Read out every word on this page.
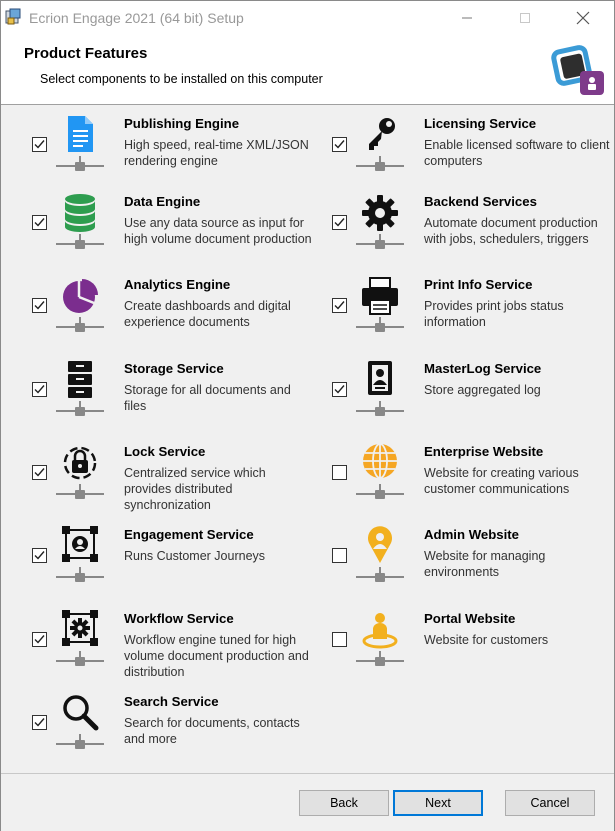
Ecrion Engage 2021 (64 bit) Setup
Product Features
Select components to be installed on this computer
Publishing Engine
High speed, real-time XML/JSON rendering engine
Licensing Service
Enable licensed software to client computers
Data Engine
Use any data source as input for high volume document production
Backend Services
Automate document production with jobs, schedulers, triggers
Analytics Engine
Create dashboards and digital experience documents
Print Info Service
Provides print jobs status information
Storage Service
Storage for all documents and files
MasterLog Service
Store aggregated log
Lock Service
Centralized service which provides distributed synchronization
Enterprise Website
Website for creating various customer communications
Engagement Service
Runs Customer Journeys
Admin Website
Website for managing environments
Workflow Service
Workflow engine tuned for high volume document production and distribution
Portal Website
Website for customers
Search Service
Search for documents, contacts and more
Back	Next	Cancel
